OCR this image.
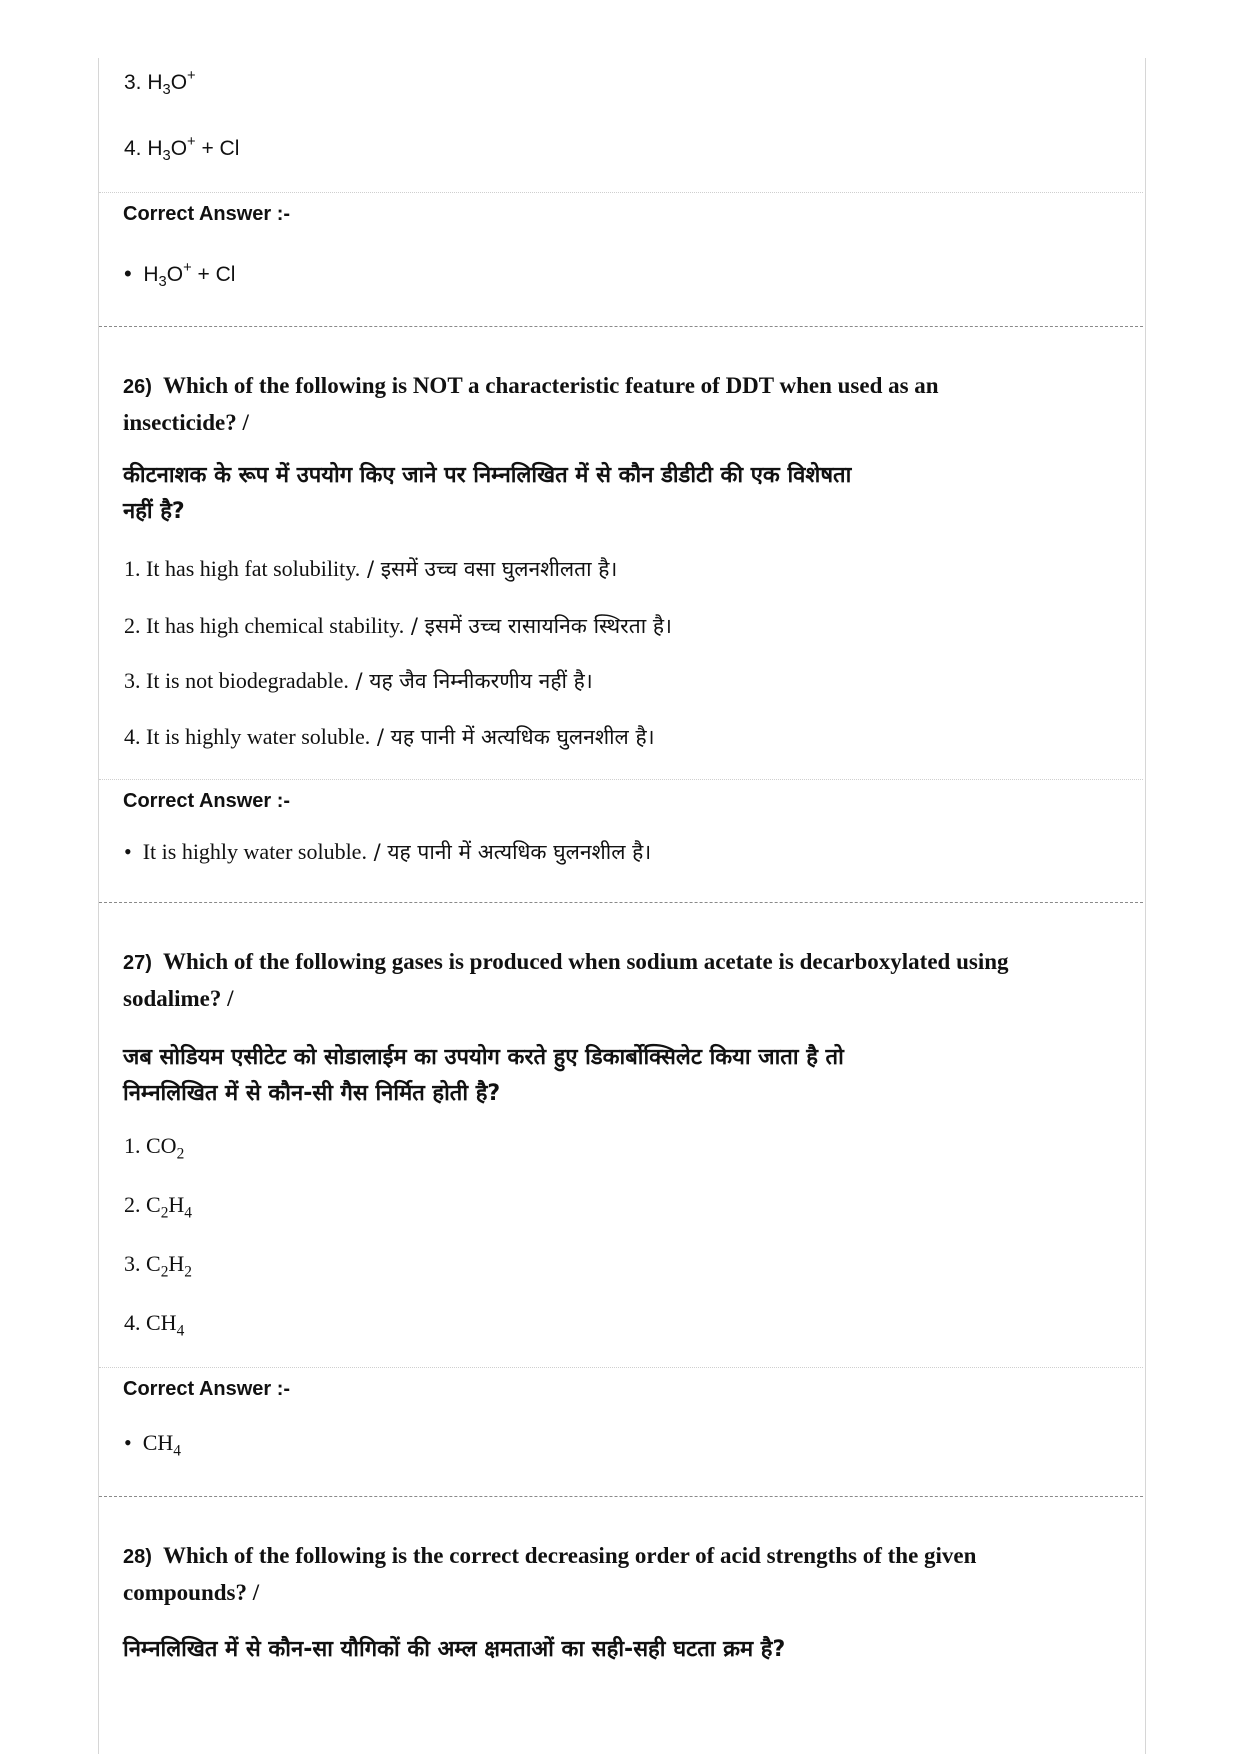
3. $H_3O^+$
4. $H_3O^+ + Cl$
Correct Answer :-
• $H_3O^+ + Cl$
26) Which of the following is NOT a characteristic feature of DDT when used as an
insecticide? /
कीटनाशक के रूप में उपयोग किए जाने पर निम्नलिखित में से कौन डीडीटी की एक विशेषता
नहीं है?
1. It has high fat solubility. / इसमें उच्च वसा घुलनशीलता है।
2. It has high chemical stability. / इसमें उच्च रासायनिक स्थिरता है।
3. It is not biodegradable. / यह जैव निम्नीकरणीय नहीं है।
4. It is highly water soluble. / यह पानी में अत्यधिक घुलनशील है।
Correct Answer :-
• It is highly water soluble. / यह पानी में अत्यधिक घुलनशील है।
27) Which of the following gases is produced when sodium acetate is decarboxylated using
sodalime? /
जब सोडियम एसीटेट को सोडालाईम का उपयोग करते हुए डिकार्बोक्सिलेट किया जाता है तो
निम्नलिखित में से कौन-सी गैस निर्मित होती है?
1. $CO_2$
2. $C_2H_4$
3. $C_2H_2$
4. $CH_4$
Correct Answer :-
• $CH_4$
28) Which of the following is the correct decreasing order of acid strengths of the given
compounds? /
निम्नलिखित में से कौन-सा यौगिकों की अम्ल क्षमताओं का सही-सही घटता क्रम है?
